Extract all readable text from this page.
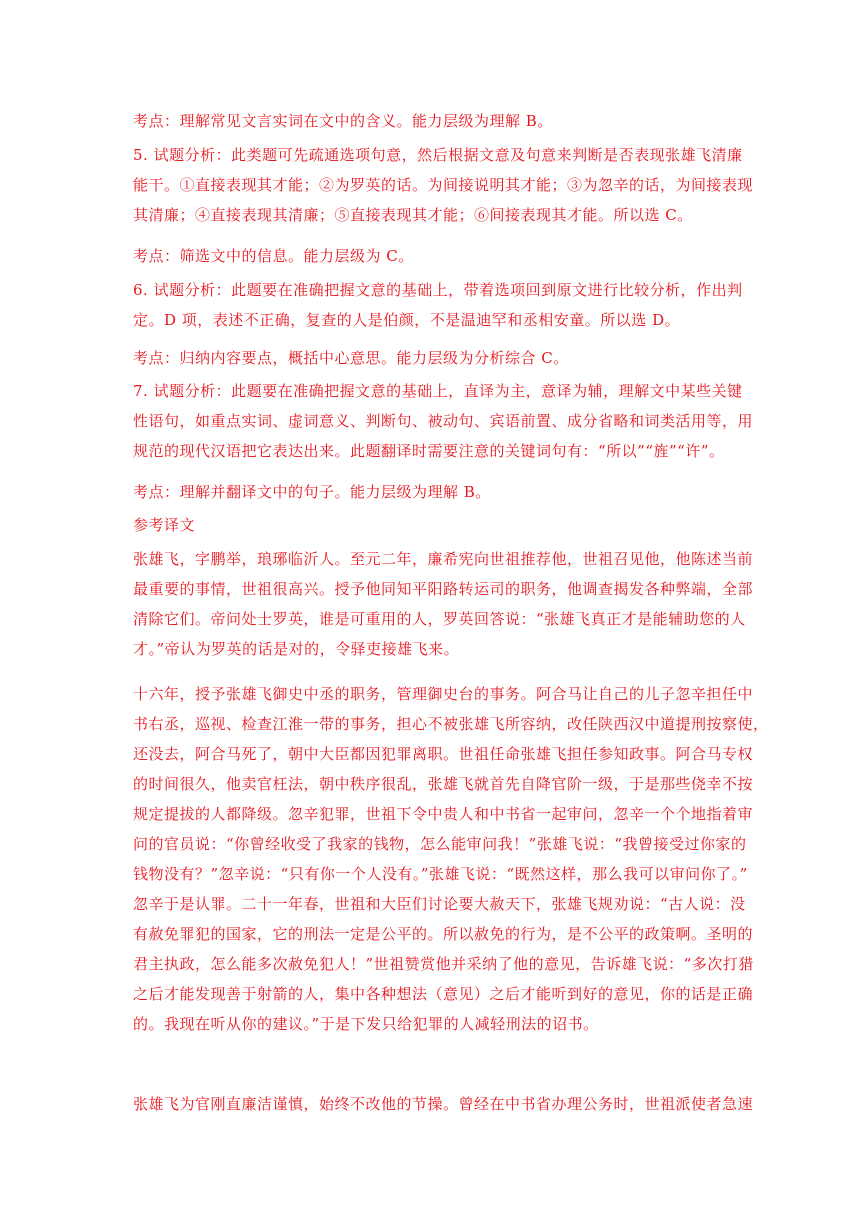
考点：理解常见文言实词在文中的含义。能力层级为理解 B。
5. 试题分析：此类题可先疏通选项句意，然后根据文意及句意来判断是否表现张雄飞清廉
能干。①直接表现其才能；②为罗英的话。为间接说明其才能；③为忽辛的话，为间接表现
其清廉；④直接表现其清廉；⑤直接表现其才能；⑥间接表现其才能。所以选 C。
考点：筛选文中的信息。能力层级为 C。
6. 试题分析：此题要在准确把握文意的基础上，带着选项回到原文进行比较分析，作出判
定。D 项，表述不正确，复查的人是伯颜，不是温迪罕和丞相安童。所以选 D。
考点：归纳内容要点，概括中心意思。能力层级为分析综合 C。
7. 试题分析：此题要在准确把握文意的基础上，直译为主，意译为辅，理解文中某些关键
性语句，如重点实词、虚词意义、判断句、被动句、宾语前置、成分省略和词类活用等，用
规范的现代汉语把它表达出来。此题翻译时需要注意的关键词句有：“所以”“旌”“许”。
考点：理解并翻译文中的句子。能力层级为理解 B。
参考译文
张雄飞，字鹏举，琅琊临沂人。至元二年，廉希宪向世祖推荐他，世祖召见他，他陈述当前
最重要的事情，世祖很高兴。授予他同知平阳路转运司的职务，他调查揭发各种弊端，全部
清除它们。帝问处士罗英，谁是可重用的人，罗英回答说：“张雄飞真正才是能辅助您的人
才。”帝认为罗英的话是对的，令驿吏接雄飞来。
十六年，授予张雄飞御史中丞的职务，管理御史台的事务。阿合马让自己的儿子忽辛担任中
书右丞，巡视、检查江淮一带的事务，担心不被张雄飞所容纳，改任陕西汉中道提刑按察使，
还没去，阿合马死了，朝中大臣都因犯罪离职。世祖任命张雄飞担任参知政事。阿合马专权
的时间很久，他卖官枉法，朝中秩序很乱，张雄飞就首先自降官阶一级，于是那些侥幸不按
规定提拔的人都降级。忽辛犯罪，世祖下令中贵人和中书省一起审问，忽辛一个个地指着审
问的官员说：“你曾经收受了我家的钱物，怎么能审问我！”张雄飞说：“我曾接受过你家的
钱物没有？”忽辛说：“只有你一个人没有。”张雄飞说：“既然这样，那么我可以审问你了。”
忽辛于是认罪。二十一年春，世祖和大臣们讨论要大赦天下，张雄飞规劝说：“古人说：没
有赦免罪犯的国家，它的刑法一定是公平的。所以赦免的行为，是不公平的政策啊。圣明的
君主执政，怎么能多次赦免犯人！”世祖赞赏他并采纳了他的意见，告诉雄飞说：“多次打猎
之后才能发现善于射箭的人，集中各种想法（意见）之后才能听到好的意见，你的话是正确
的。我现在听从你的建议。”于是下发只给犯罪的人减轻刑法的诏书。
张雄飞为官刚直廉洁谨慎，始终不改他的节操。曾经在中书省办理公务时，世祖派使者急速
